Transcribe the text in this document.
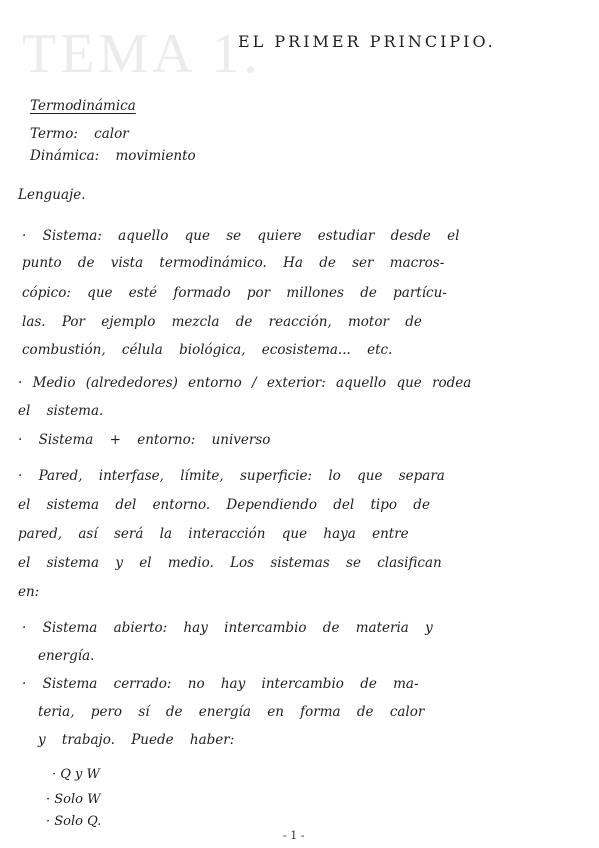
TEMA 1.
EL PRIMER PRINCIPIO.
Termodinámica
Termo: calor
Dinámica: movimiento
Lenguaje.
· Sistema: aquello que se quiere estudiar desde el
punto de vista termodinámico. Ha de ser macros-
cópico: que esté formado por millones de partícu-
las. Por ejemplo mezcla de reacción, motor de
combustión, célula biológica, ecosistema... etc.
· Medio (alrededores) entorno / exterior: aquello que rodea
el sistema.
· Sistema + entorno: universo
· Pared, interfase, límite, superficie: lo que separa
el sistema del entorno. Dependiendo del tipo de
pared, así será la interacción que haya entre
el sistema y el medio. Los sistemas se clasifican
en:
· Sistema abierto: hay intercambio de materia y
energía.
· Sistema cerrado: no hay intercambio de ma-
teria, pero sí de energía en forma de calor
y trabajo. Puede haber:
· Q y W
· Solo W
· Solo Q.
- 1 -
